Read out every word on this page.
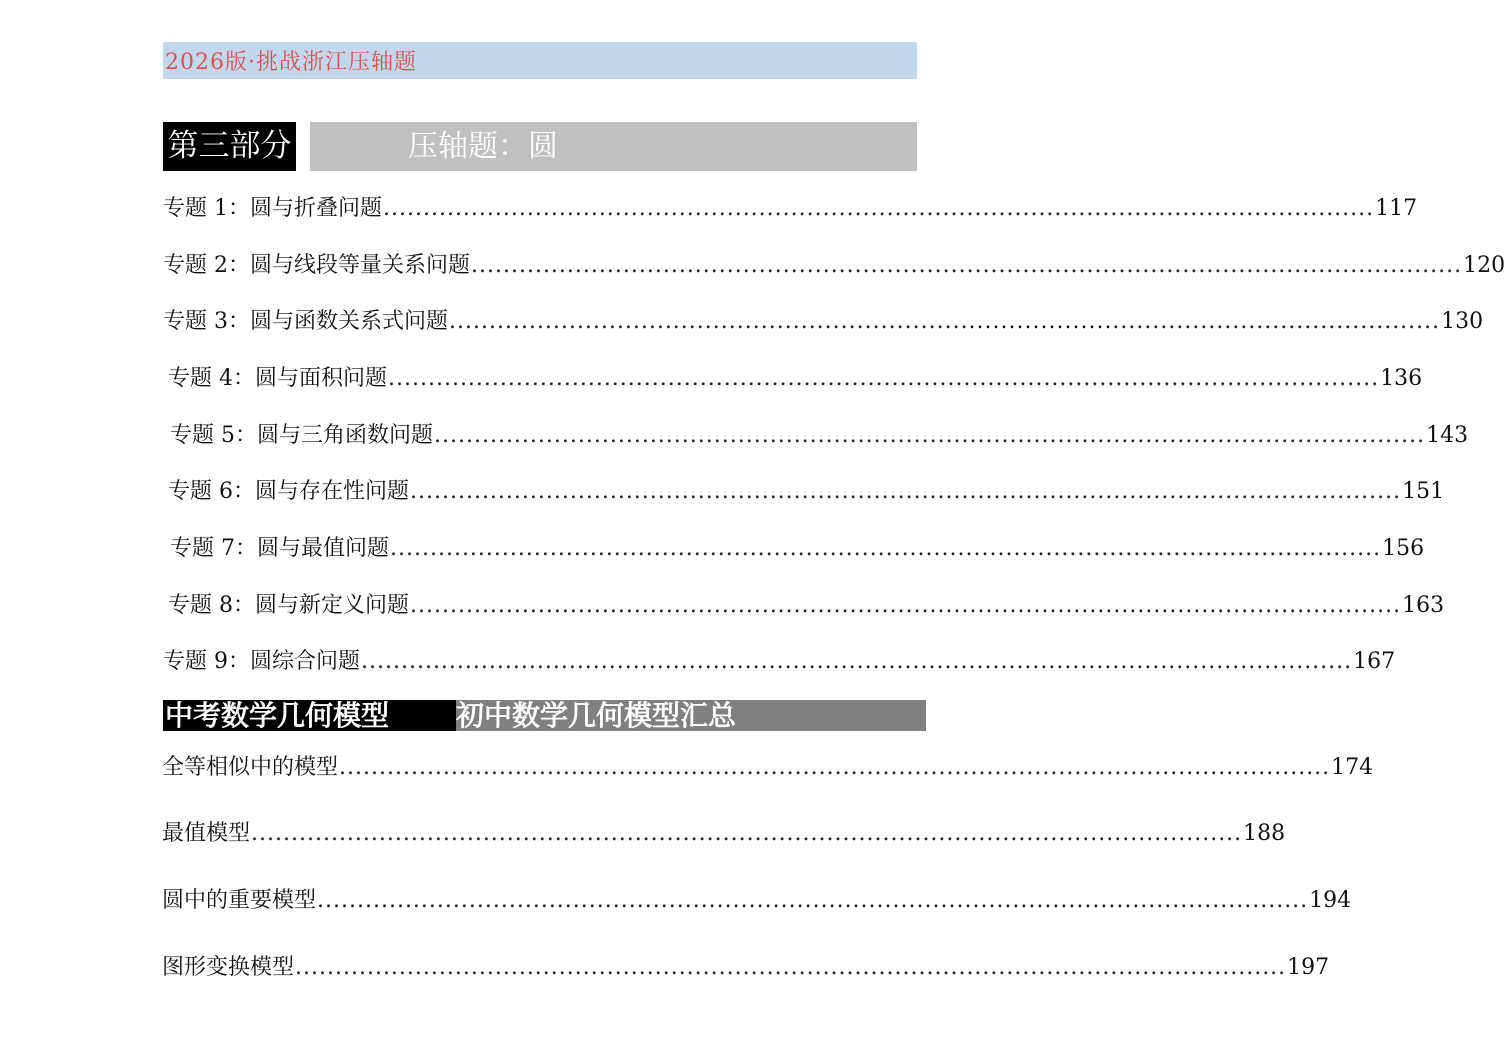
2026版·挑战浙江压轴题
第三部分	压轴题：圆
专题 1：圆与折叠问题 ............................................................................................................................ 117
专题 2：圆与线段等量关系问题 ............................................................................................................................ 120
专题 3：圆与函数关系式问题 ............................................................................................................................ 130
专题 4：圆与面积问题 ............................................................................................................................ 136
专题 5：圆与三角函数问题 ............................................................................................................................ 143
专题 6：圆与存在性问题 ............................................................................................................................ 151
专题 7：圆与最值问题 ............................................................................................................................ 156
专题 8：圆与新定义问题 ............................................................................................................................ 163
专题 9：圆综合问题 ............................................................................................................................ 167
中考数学几何模型	初中数学几何模型汇总
全等相似中的模型 ............................................................................................................................ 174
最值模型 ............................................................................................................................ 188
圆中的重要模型 ............................................................................................................................ 194
图形变换模型 ............................................................................................................................ 197
